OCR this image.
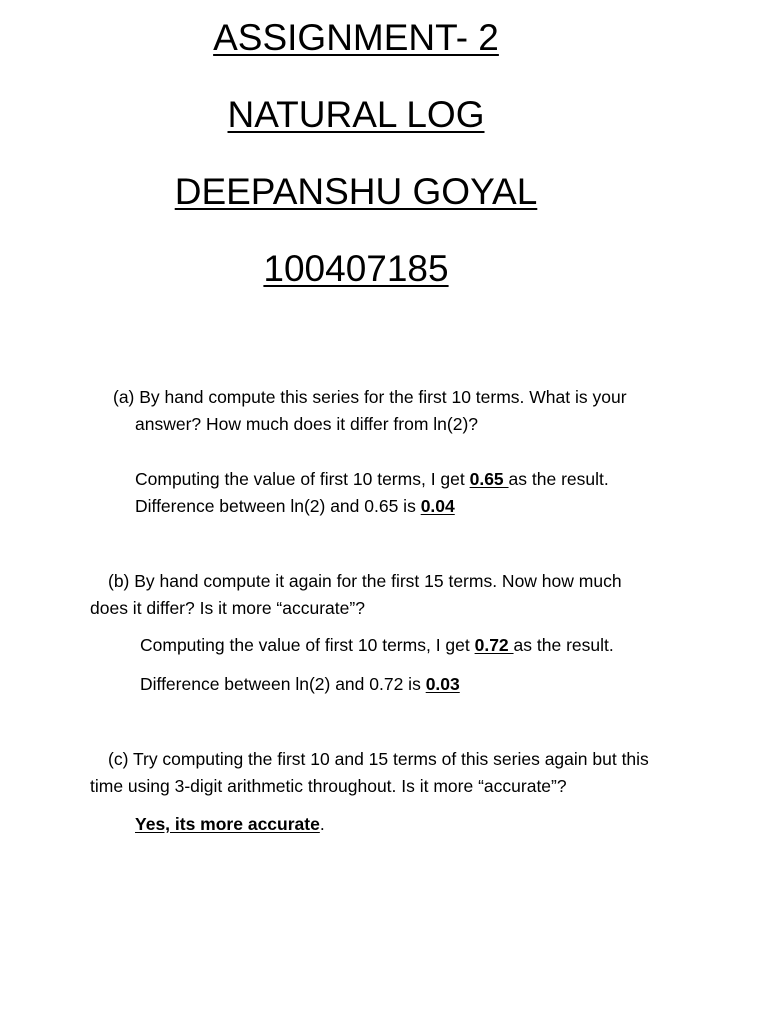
ASSIGNMENT- 2
NATURAL LOG
DEEPANSHU GOYAL
100407185
(a) By hand compute this series for the first 10 terms. What is your
answer? How much does it differ from ln(2)?
Computing the value of first 10 terms, I get 0.65 as the result.
Difference between ln(2) and 0.65 is 0.04
(b) By hand compute it again for the first 15 terms. Now how much
does it differ? Is it more “accurate”?
Computing the value of first 10 terms, I get 0.72 as the result.
Difference between ln(2) and 0.72 is 0.03
(c) Try computing the first 10 and 15 terms of this series again but this
time using 3-digit arithmetic throughout. Is it more “accurate”?
Yes, its more accurate.
